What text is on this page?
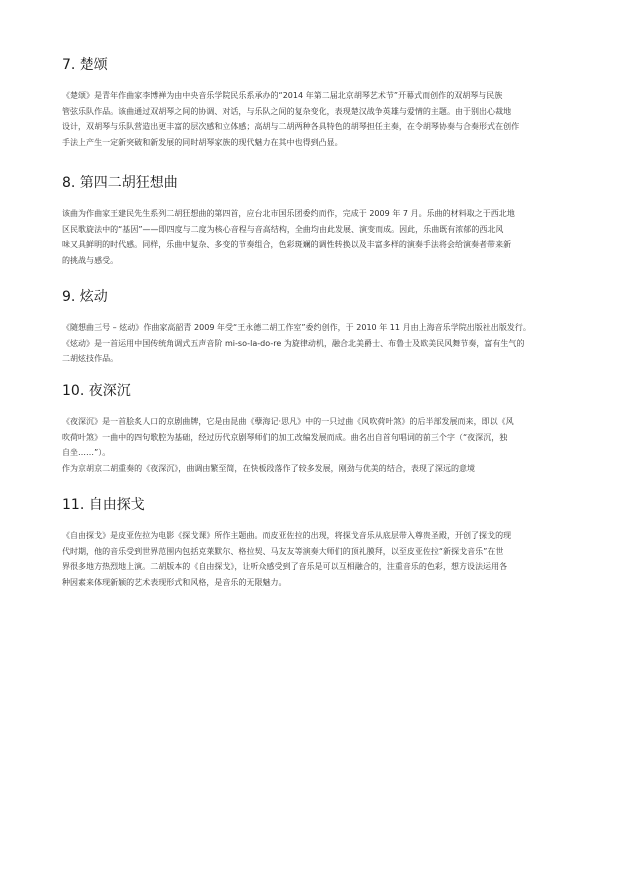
7. 楚颂

《楚颂》是青年作曲家李博禅为由中央音乐学院民乐系承办的“2014 年第二届北京胡琴艺术节”开幕式而创作的双胡琴与民族
管弦乐队作品。该曲通过双胡琴之间的协调、对话，与乐队之间的复杂变化，表现楚汉战争英雄与爱情的主题。由于别出心裁地
设计，双胡琴与乐队营造出更丰富的层次感和立体感；高胡与二胡两种各具特色的胡琴担任主奏，在令胡琴协奏与合奏形式在创作
手法上产生一定新突破和新发展的同时胡琴家族的现代魅力在其中也得到凸显。

8. 第四二胡狂想曲

该曲为作曲家王建民先生系列二胡狂想曲的第四首，应台北市国乐团委约而作，完成于 2009 年 7 月。乐曲的材料取之于西北地
区民歌旋法中的“基因”——即四度与二度为核心音程与音高结构，全曲均由此发展、演变而成。因此，乐曲既有浓郁的西北风
味又具鲜明的时代感。同样，乐曲中复杂、多变的节奏组合，色彩斑斓的调性转换以及丰富多样的演奏手法将会给演奏者带来新
的挑战与感受。

9. 炫动

《随想曲三号 – 炫动》作曲家高韶青 2009 年受“王永德二胡工作室”委约创作，于 2010 年 11 月由上海音乐学院出版社出版发行。
《炫动》是一首运用中国传统角调式五声音阶 mi-so-la-do-re 为旋律动机，融合北美爵士、布鲁士及欧美民风舞节奏，富有生气的
二胡炫技作品。

10. 夜深沉

《夜深沉》是一首脍炙人口的京剧曲牌，它是由昆曲《孽海记·思凡》中的一只过曲《风吹荷叶煞》的后半部发展而来，即以《风
吹荷叶煞》一曲中的四句歌腔为基础，经过历代京剧琴师们的加工改编发展而成。曲名出自首句唱词的前三个字（“夜深沉，独
自坐……”）。
作为京胡京二胡重奏的《夜深沉》，曲调由繁至简，在快板段落作了较多发展，刚劲与优美的结合，表现了深远的意境

11. 自由探戈

《自由探戈》是皮亚佐拉为电影《探戈课》所作主题曲。而皮亚佐拉的出现，将探戈音乐从底层带入尊贵圣殿，开创了探戈的现
代时期，他的音乐受到世界范围内包括克莱默尔、格拉契、马友友等演奏大师们的顶礼膜拜，以至皮亚佐拉“新探戈音乐”在世
界很多地方热烈地上演。二胡版本的《自由探戈》，让听众感受到了音乐是可以互相融合的，注重音乐的色彩，想方设法运用各
种因素来体现新颖的艺术表现形式和风格，是音乐的无限魅力。
